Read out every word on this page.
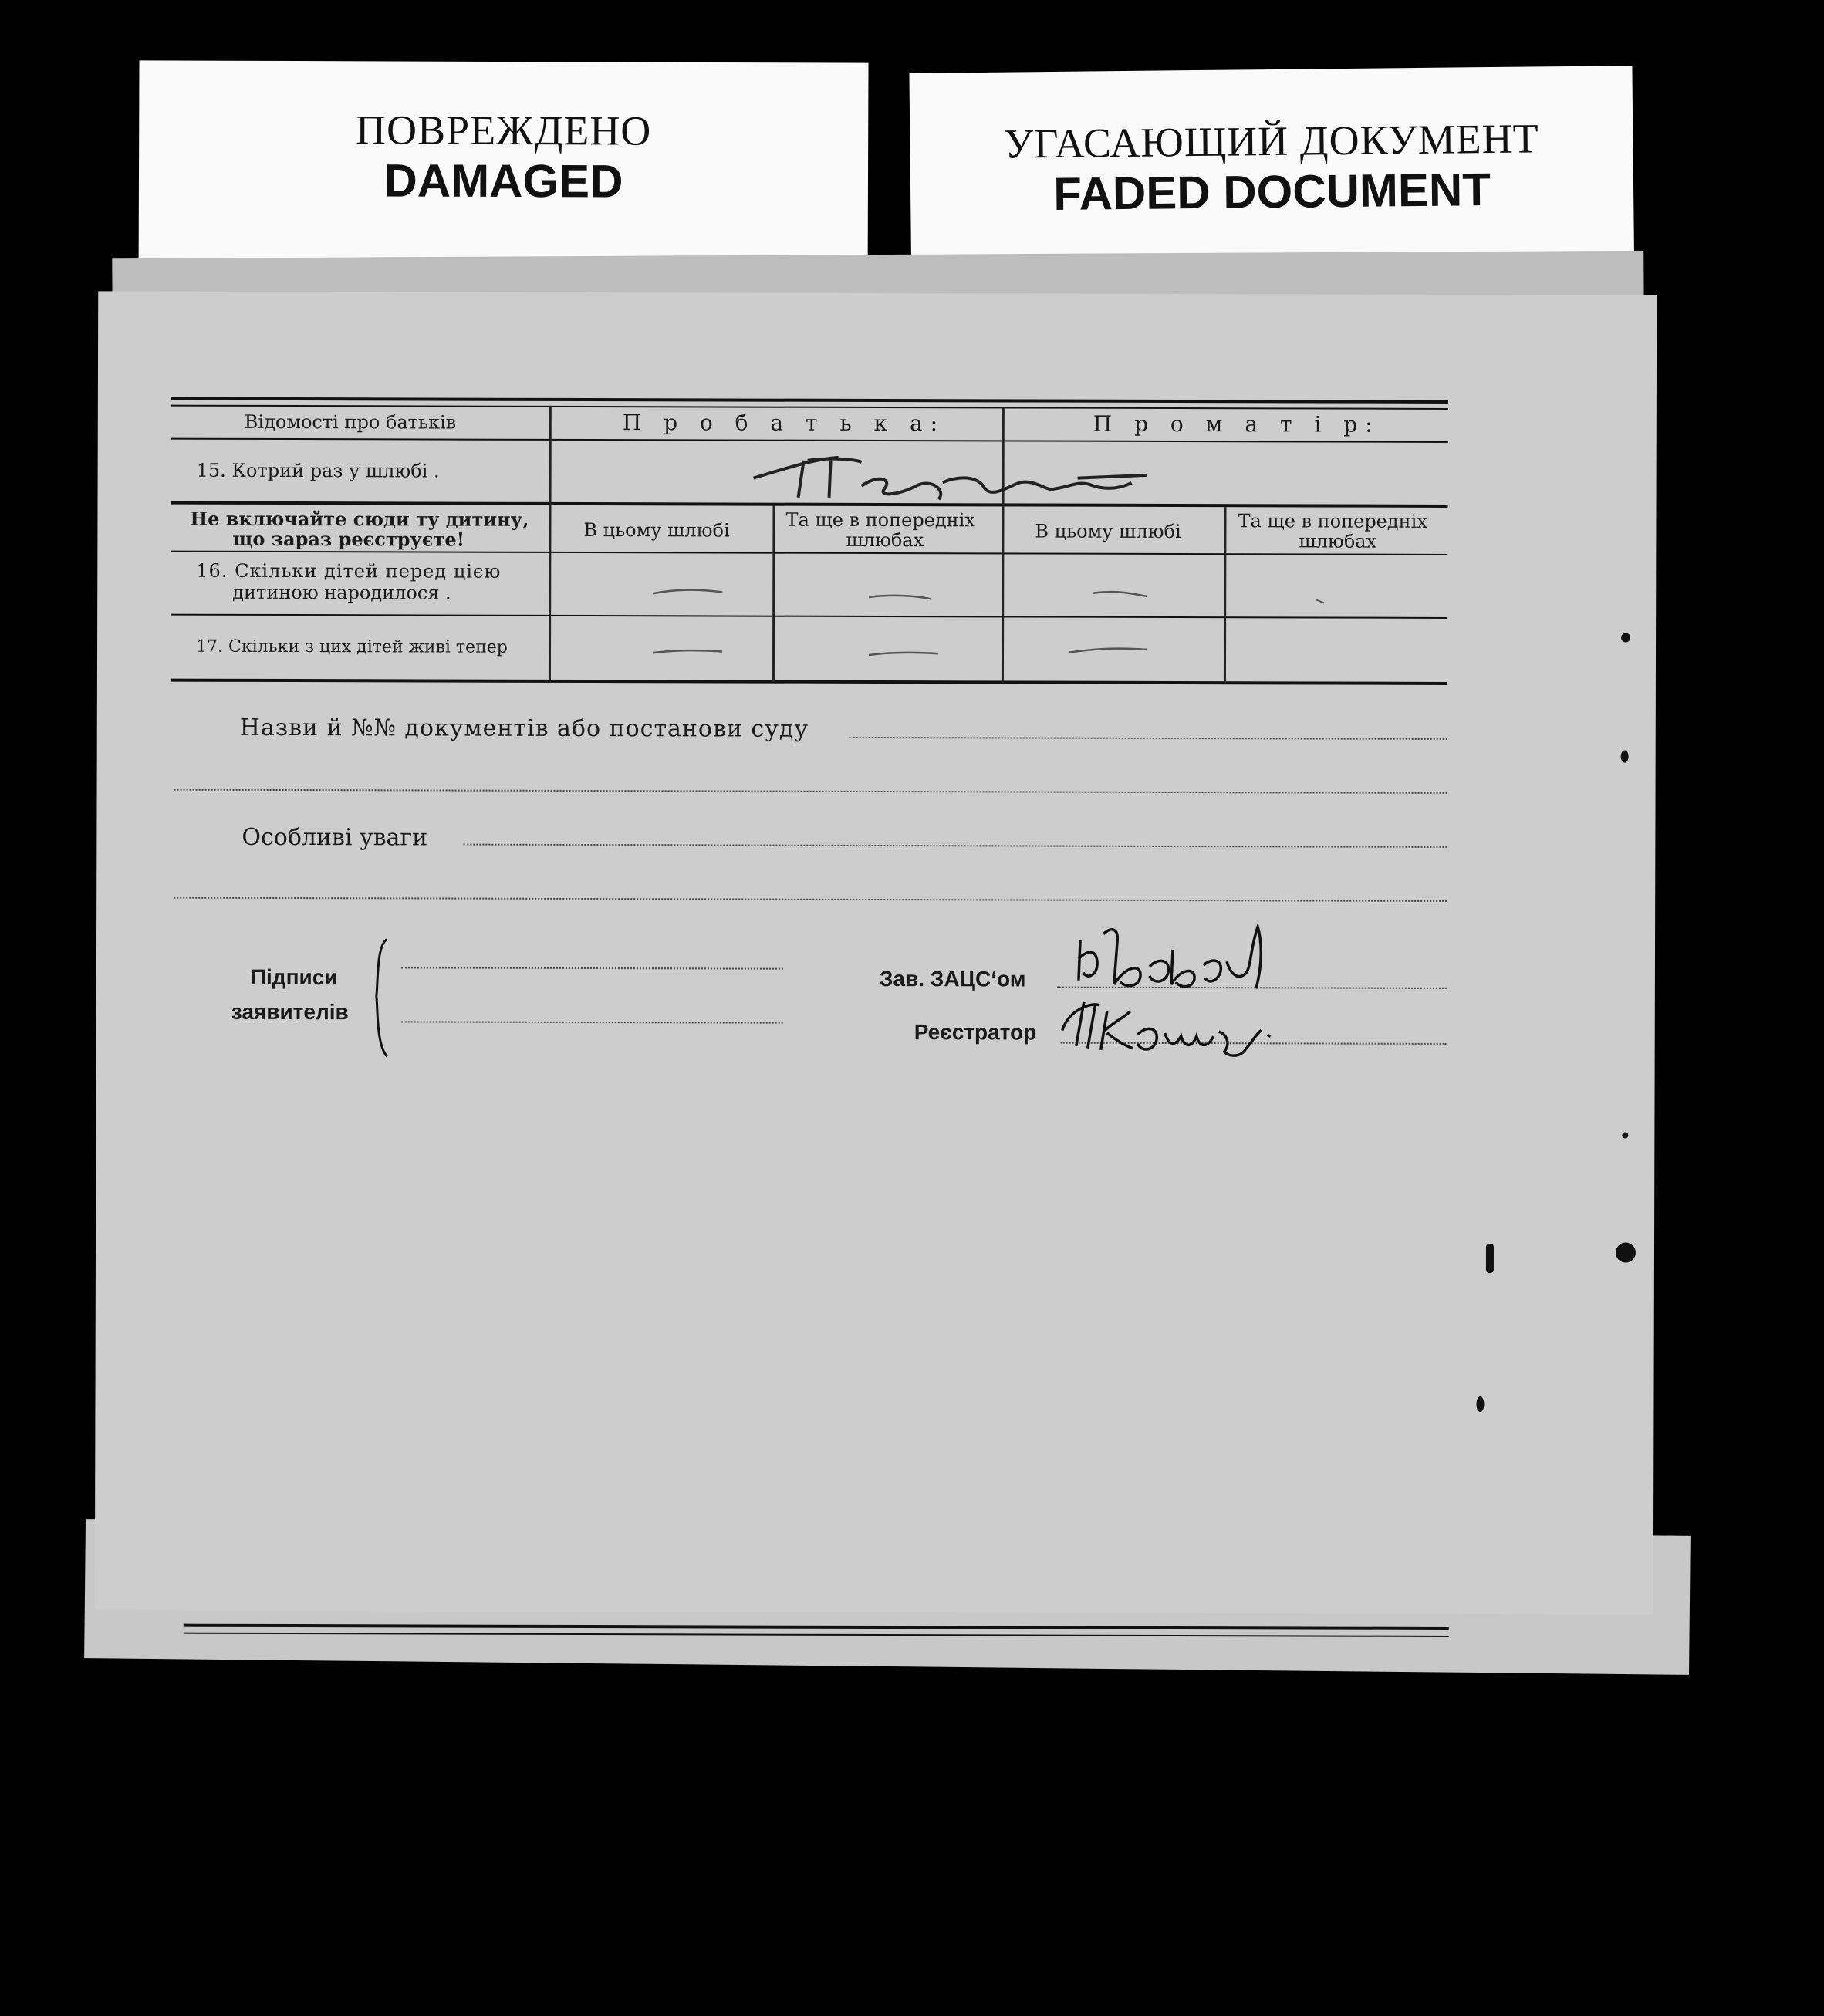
ПОВРЕЖДЕНО
DAMAGED
УГАСАЮЩИЙ ДОКУМЕНТ
FADED DOCUMENT
Відомості про батьків	П р о б а т ь к а:	П р о м а т і р:
15. Котрий раз у шлюбі .
первий
Не включайте сюди ту дитину,
що зараз реєструєте!	В цьому шлюбі	Та ще в попередніх
шлюбах	В цьому шлюбі	Та ще в попередніх
шлюбах
16. Скільки дітей перед цією
дитиною народилося .
17. Скільки з цих дітей живі тепер
Назви й №№ документів або постанови суду
Особливі уваги
Підписи
заявителів
Зав. ЗАЦС‘ом	Юбабич
Реєстратор	Шкопич
